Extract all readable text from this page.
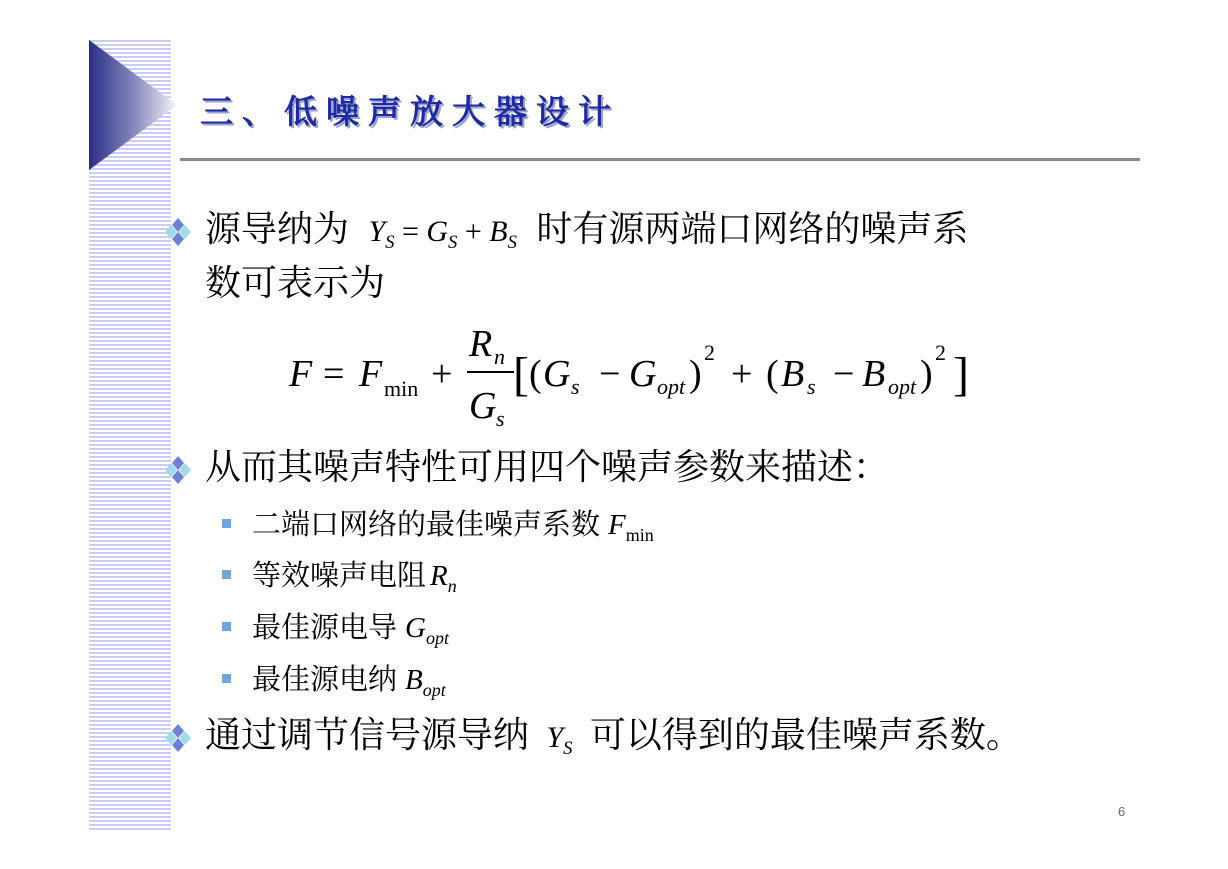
三、低噪声放大器设计
源导纳为 $Y_S = G_S + B_S$ 时有源两端口网络的噪声系
数可表示为
F = F min +
R n
G s
[ ( G s − G opt )
2
+ ( B s − B opt )
2 ]
从而其噪声特性可用四个噪声参数来描述：
二端口网络的最佳噪声系数 $F_{min}$
等效噪声电阻 $R_n$
最佳源电导 $G_{opt}$
最佳源电纳 $B_{opt}$
通过调节信号源导纳 $Y_S$ 可以得到的最佳噪声系数。
6
